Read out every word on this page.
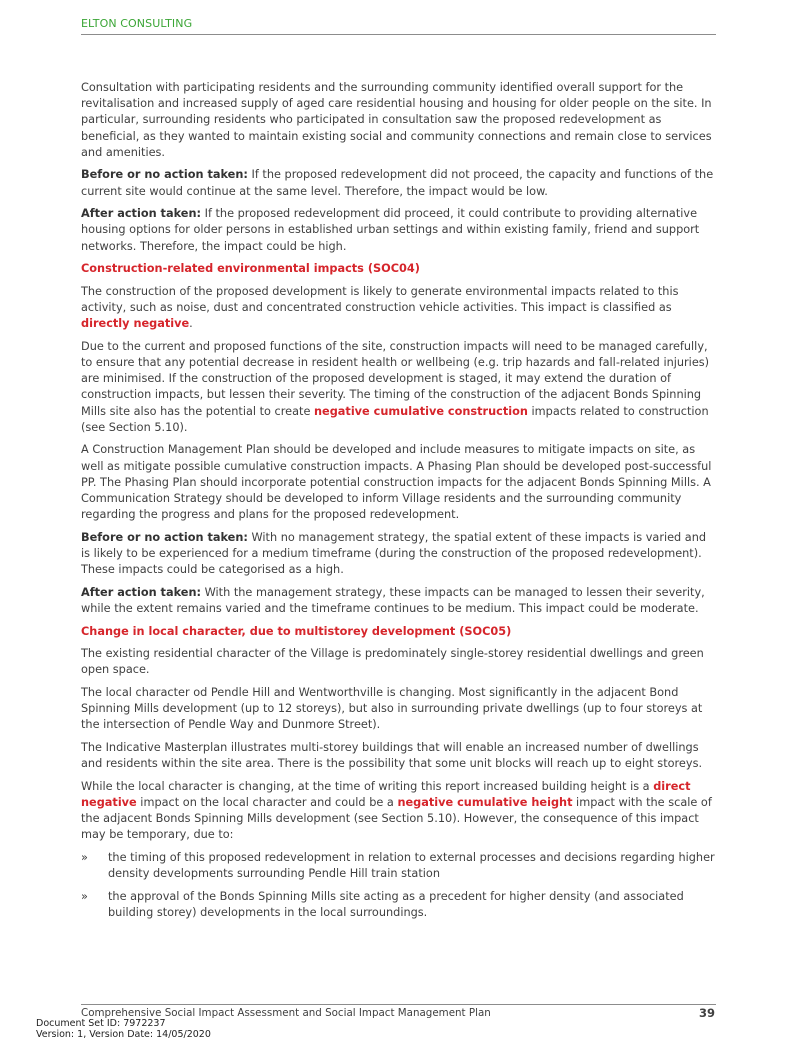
ELTON CONSULTING

Consultation with participating residents and the surrounding community identified overall support for the revitalisation and increased supply of aged care residential housing and housing for older people on the site. In particular, surrounding residents who participated in consultation saw the proposed redevelopment as beneficial, as they wanted to maintain existing social and community connections and remain close to services and amenities.

Before or no action taken: If the proposed redevelopment did not proceed, the capacity and functions of the current site would continue at the same level. Therefore, the impact would be low.

After action taken: If the proposed redevelopment did proceed, it could contribute to providing alternative housing options for older persons in established urban settings and within existing family, friend and support networks. Therefore, the impact could be high.

Construction-related environmental impacts (SOC04)

The construction of the proposed development is likely to generate environmental impacts related to this activity, such as noise, dust and concentrated construction vehicle activities. This impact is classified as directly negative.

Due to the current and proposed functions of the site, construction impacts will need to be managed carefully, to ensure that any potential decrease in resident health or wellbeing (e.g. trip hazards and fall-related injuries) are minimised. If the construction of the proposed development is staged, it may extend the duration of construction impacts, but lessen their severity. The timing of the construction of the adjacent Bonds Spinning Mills site also has the potential to create negative cumulative construction impacts related to construction (see Section 5.10).

A Construction Management Plan should be developed and include measures to mitigate impacts on site, as well as mitigate possible cumulative construction impacts. A Phasing Plan should be developed post-successful PP. The Phasing Plan should incorporate potential construction impacts for the adjacent Bonds Spinning Mills. A Communication Strategy should be developed to inform Village residents and the surrounding community regarding the progress and plans for the proposed redevelopment.

Before or no action taken: With no management strategy, the spatial extent of these impacts is varied and is likely to be experienced for a medium timeframe (during the construction of the proposed redevelopment). These impacts could be categorised as a high.

After action taken: With the management strategy, these impacts can be managed to lessen their severity, while the extent remains varied and the timeframe continues to be medium. This impact could be moderate.

Change in local character, due to multistorey development (SOC05)

The existing residential character of the Village is predominately single-storey residential dwellings and green open space.

The local character od Pendle Hill and Wentworthville is changing. Most significantly in the adjacent Bond Spinning Mills development (up to 12 storeys), but also in surrounding private dwellings (up to four storeys at the intersection of Pendle Way and Dunmore Street).

The Indicative Masterplan illustrates multi-storey buildings that will enable an increased number of dwellings and residents within the site area. There is the possibility that some unit blocks will reach up to eight storeys.

While the local character is changing, at the time of writing this report increased building height is a direct negative impact on the local character and could be a negative cumulative height impact with the scale of the adjacent Bonds Spinning Mills development (see Section 5.10). However, the consequence of this impact may be temporary, due to:

» the timing of this proposed redevelopment in relation to external processes and decisions regarding higher density developments surrounding Pendle Hill train station
» the approval of the Bonds Spinning Mills site acting as a precedent for higher density (and associated building storey) developments in the local surroundings.
Comprehensive Social Impact Assessment and Social Impact Management Plan	39
Document Set ID: 7972237
Version: 1, Version Date: 14/05/2020
